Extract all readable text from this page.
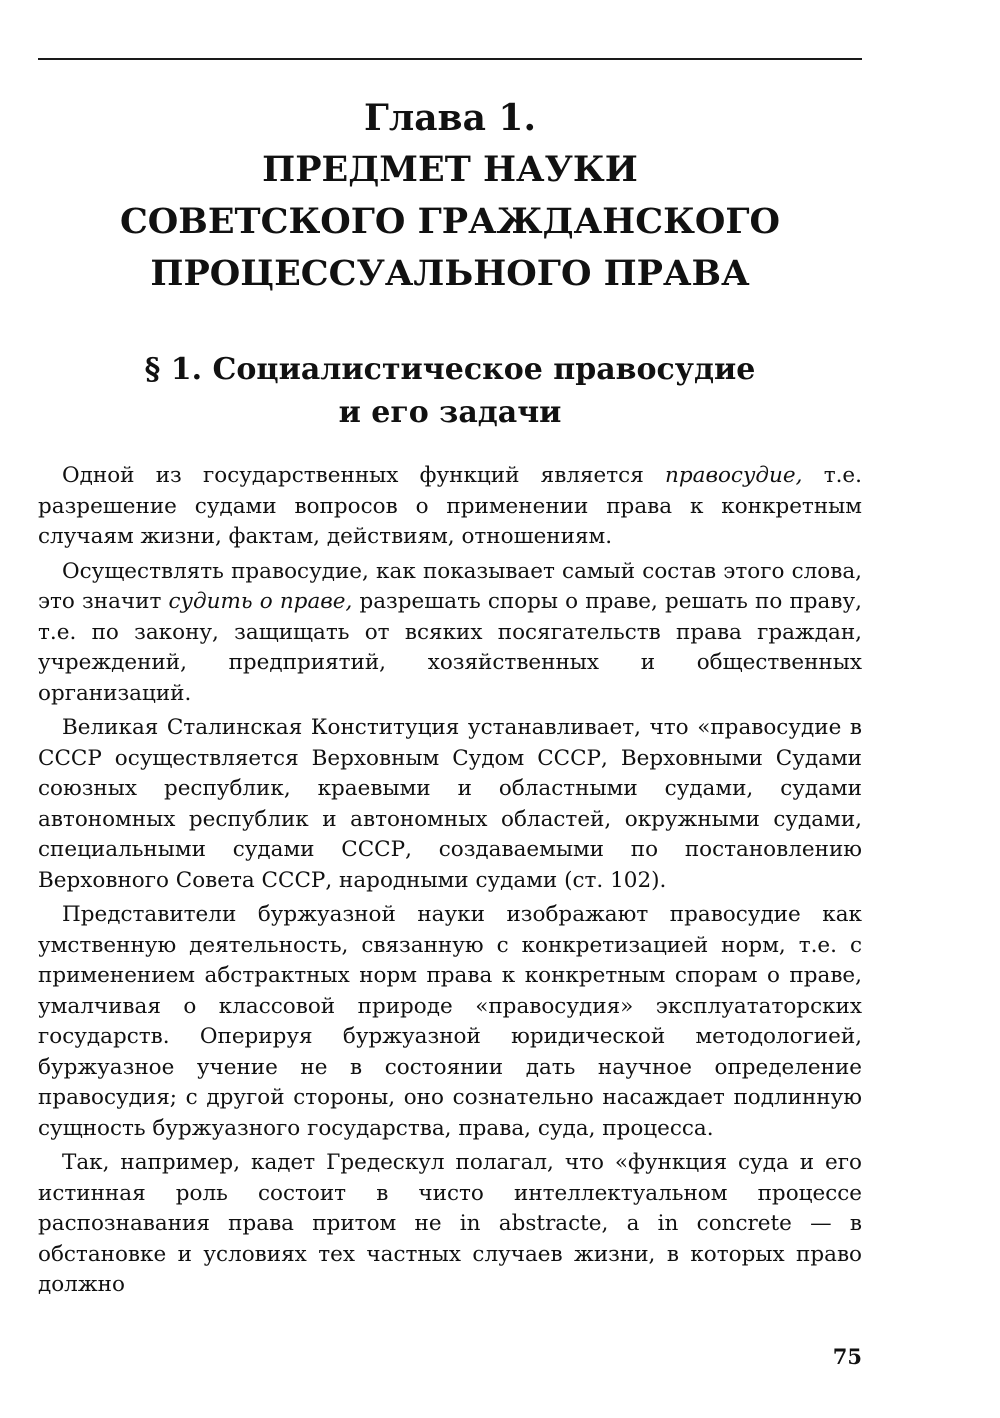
Глава 1.
ПРЕДМЕТ НАУКИ
СОВЕТСКОГО ГРАЖДАНСКОГО
ПРОЦЕССУАЛЬНОГО ПРАВА
§ 1. Социалистическое правосудие
и его задачи

Одной из государственных функций является правосудие, т.е. разрешение судами вопросов о применении права к конкретным случаям жизни, фактам, действиям, отношениям.

Осуществлять правосудие, как показывает самый состав этого слова, это значит судить о праве, разрешать споры о праве, решать по праву, т.е. по закону, защищать от всяких посягательств права граждан, учреждений, предприятий, хозяйственных и общественных организаций.

Великая Сталинская Конституция устанавливает, что «правосудие в СССР осуществляется Верховным Судом СССР, Верховными Судами союзных республик, краевыми и областными судами, судами автономных республик и автономных областей, окружными судами, специальными судами СССР, создаваемыми по постановлению Верховного Совета СССР, народными судами (ст. 102).

Представители буржуазной науки изображают правосудие как умственную деятельность, связанную с конкретизацией норм, т.е. с применением абстрактных норм права к конкретным спорам о праве, умалчивая о классовой природе «правосудия» эксплуататорских государств. Оперируя буржуазной юридической методологией, буржуазное учение не в состоянии дать научное определение правосудия; с другой стороны, оно сознательно насаждает подлинную сущность буржуазного государства, права, суда, процесса.

Так, например, кадет Гредескул полагал, что «функция суда и его истинная роль состоит в чисто интеллектуальном процессе распознавания права притом не in abstracte, а in concrete — в обстановке и условиях тех частных случаев жизни, в которых право должно

75
